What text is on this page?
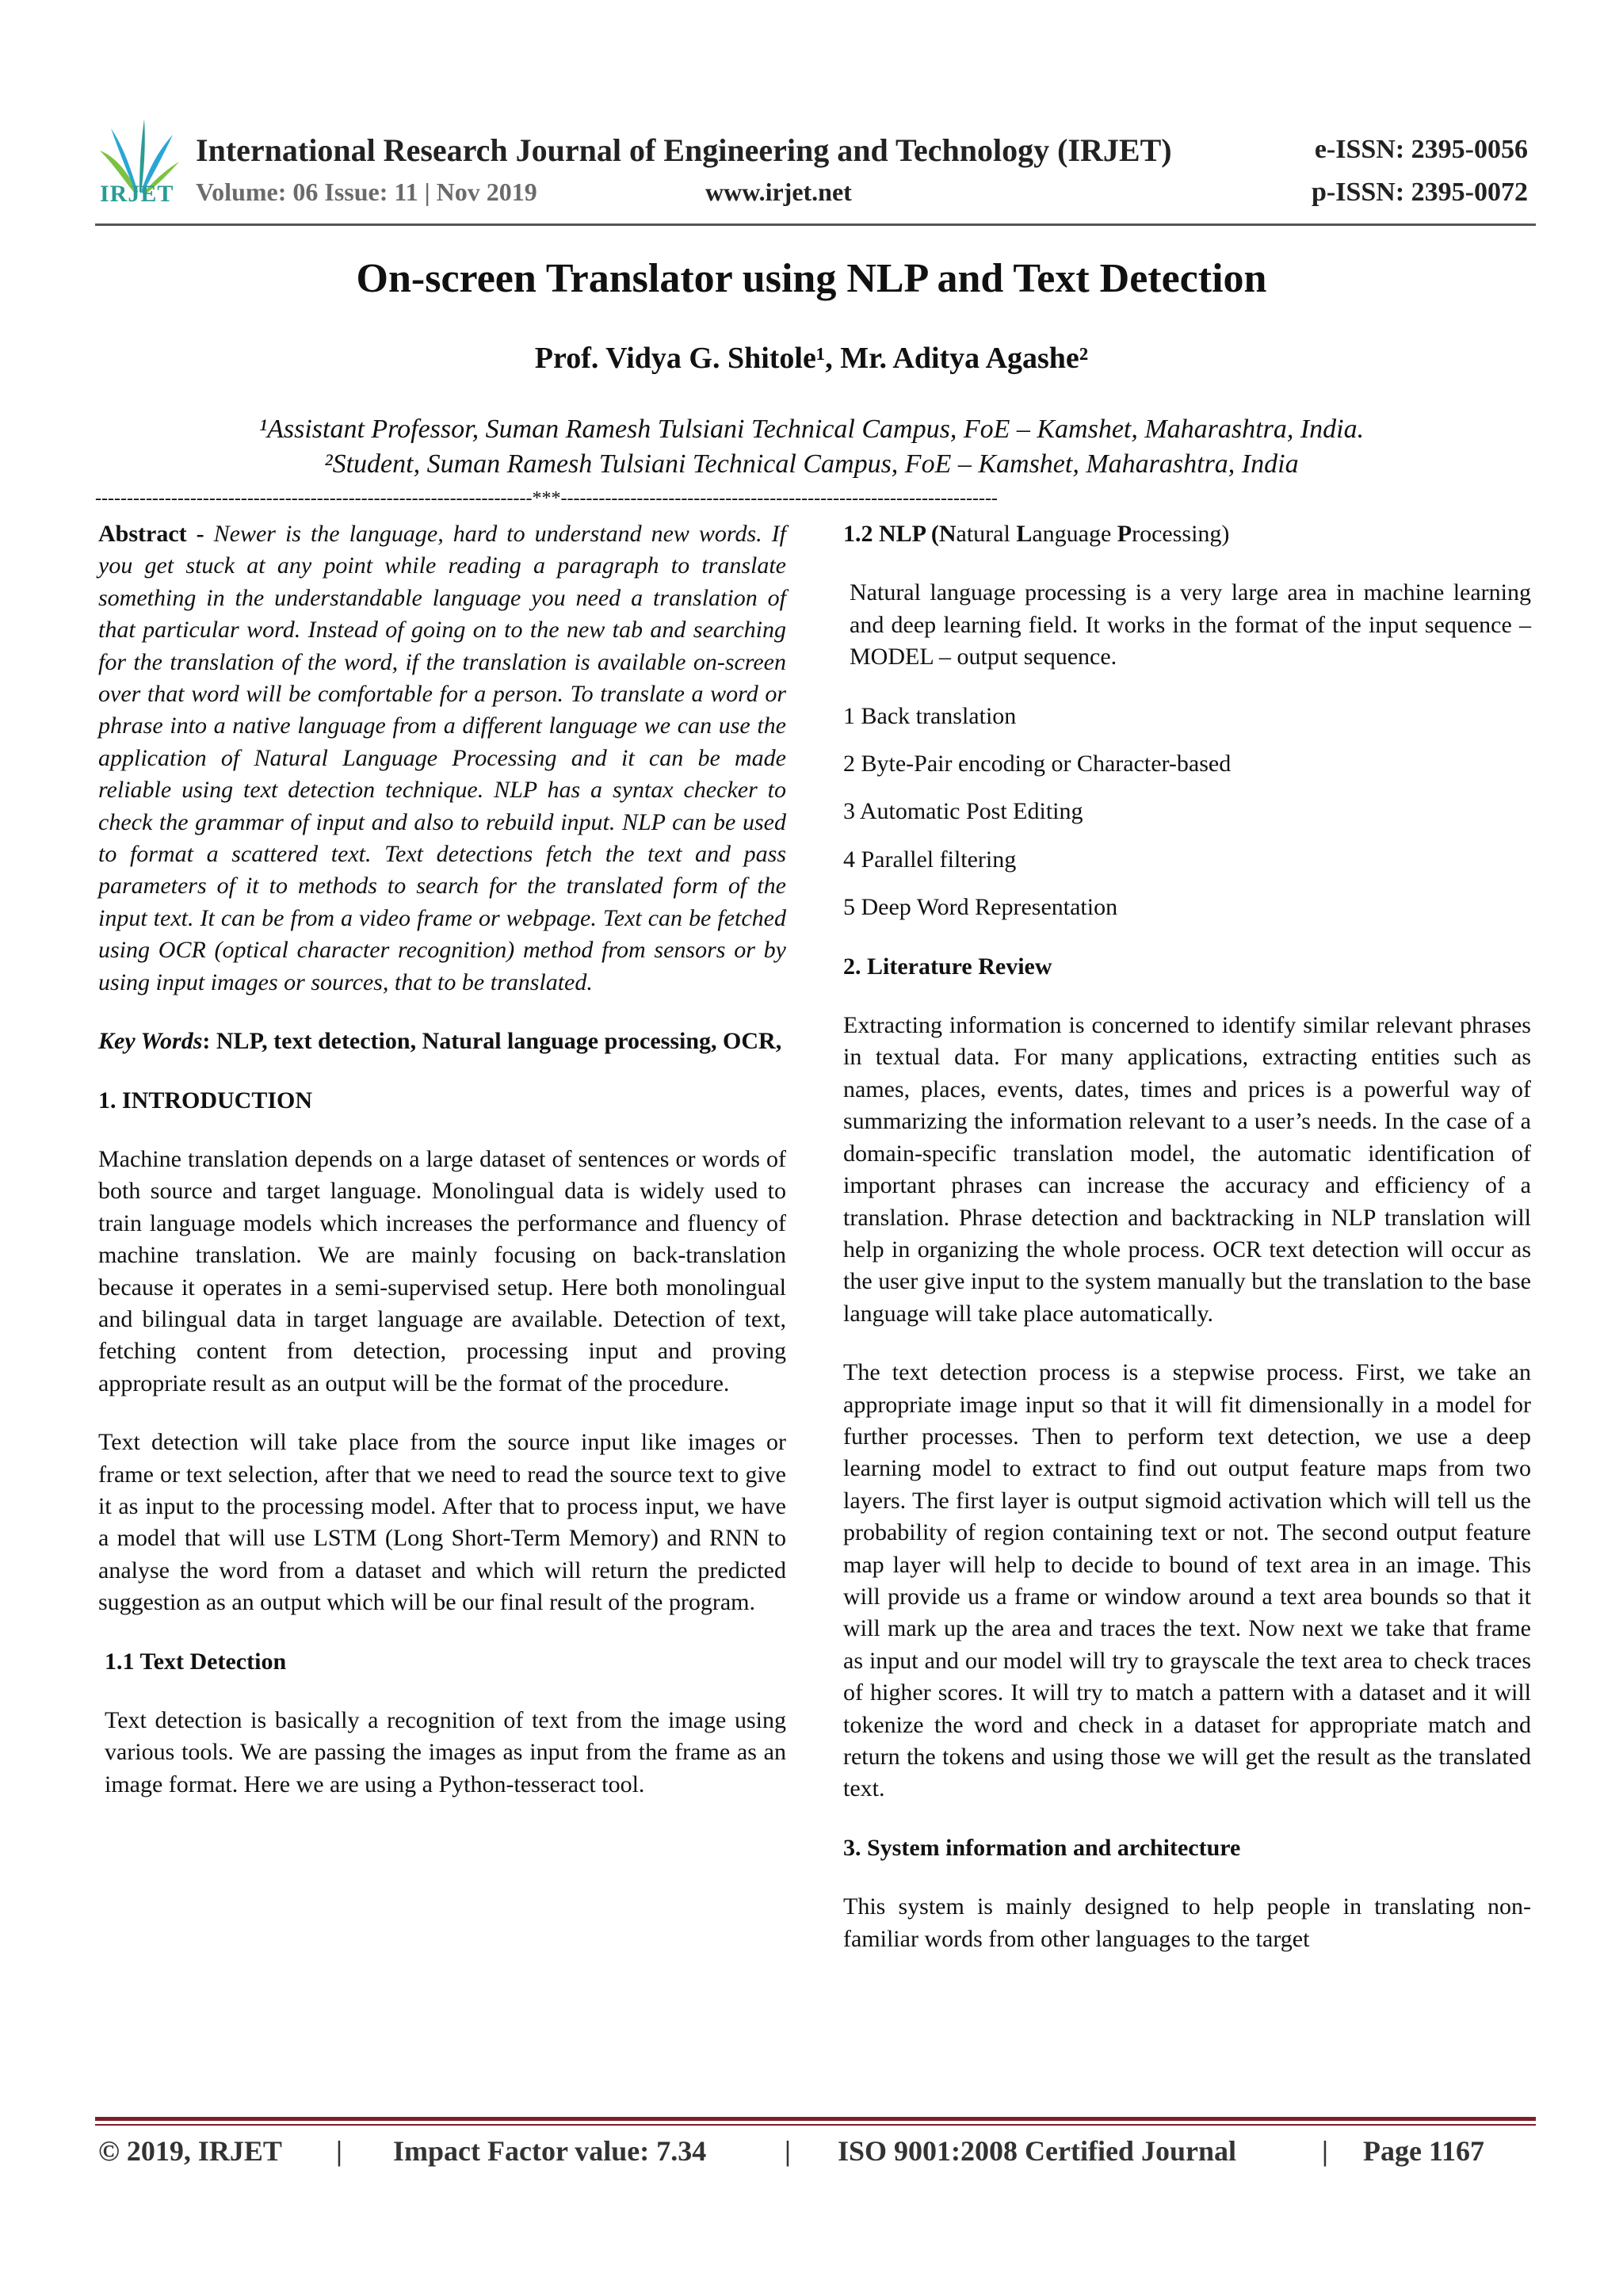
IRJET
International Research Journal of Engineering and Technology (IRJET)	e-ISSN: 2395-0056
Volume: 06 Issue: 11 | Nov 2019	www.irjet.net	p-ISSN: 2395-0072
On-screen Translator using NLP and Text Detection
Prof. Vidya G. Shitole¹, Mr. Aditya Agashe²
¹Assistant Professor, Suman Ramesh Tulsiani Technical Campus, FoE – Kamshet, Maharashtra, India.
²Student, Suman Ramesh Tulsiani Technical Campus, FoE – Kamshet, Maharashtra, India
---------------------------------------------------------------------***---------------------------------------------------------------------

Abstract - Newer is the language, hard to understand new words. If you get stuck at any point while reading a paragraph to translate something in the understandable language you need a translation of that particular word. Instead of going on to the new tab and searching for the translation of the word, if the translation is available on-screen over that word will be comfortable for a person. To translate a word or phrase into a native language from a different language we can use the application of Natural Language Processing and it can be made reliable using text detection technique. NLP has a syntax checker to check the grammar of input and also to rebuild input. NLP can be used to format a scattered text. Text detections fetch the text and pass parameters of it to methods to search for the translated form of the input text. It can be from a video frame or webpage. Text can be fetched using OCR (optical character recognition) method from sensors or by using input images or sources, that to be translated.

Key Words: NLP, text detection, Natural language processing, OCR,

1. INTRODUCTION

Machine translation depends on a large dataset of sentences or words of both source and target language. Monolingual data is widely used to train language models which increases the performance and fluency of machine translation. We are mainly focusing on back-translation because it operates in a semi-supervised setup. Here both monolingual and bilingual data in target language are available. Detection of text, fetching content from detection, processing input and proving appropriate result as an output will be the format of the procedure.

Text detection will take place from the source input like images or frame or text selection, after that we need to read the source text to give it as input to the processing model. After that to process input, we have a model that will use LSTM (Long Short-Term Memory) and RNN to analyse the word from a dataset and which will return the predicted suggestion as an output which will be our final result of the program.

1.1 Text Detection

Text detection is basically a recognition of text from the image using various tools. We are passing the images as input from the frame as an image format. Here we are using a Python-tesseract tool.

1.2 NLP (Natural Language Processing)

Natural language processing is a very large area in machine learning and deep learning field. It works in the format of the input sequence – MODEL – output sequence.

1 Back translation

2 Byte-Pair encoding or Character-based

3 Automatic Post Editing

4 Parallel filtering

5 Deep Word Representation

2. Literature Review

Extracting information is concerned to identify similar relevant phrases in textual data. For many applications, extracting entities such as names, places, events, dates, times and prices is a powerful way of summarizing the information relevant to a user’s needs. In the case of a domain-specific translation model, the automatic identification of important phrases can increase the accuracy and efficiency of a translation. Phrase detection and backtracking in NLP translation will help in organizing the whole process. OCR text detection will occur as the user give input to the system manually but the translation to the base language will take place automatically.

The text detection process is a stepwise process. First, we take an appropriate image input so that it will fit dimensionally in a model for further processes. Then to perform text detection, we use a deep learning model to extract to find out output feature maps from two layers. The first layer is output sigmoid activation which will tell us the probability of region containing text or not. The second output feature map layer will help to decide to bound of text area in an image. This will provide us a frame or window around a text area bounds so that it will mark up the area and traces the text. Now next we take that frame as input and our model will try to grayscale the text area to check traces of higher scores. It will try to match a pattern with a dataset and it will tokenize the word and check in a dataset for appropriate match and return the tokens and using those we will get the result as the translated text.

3. System information and architecture

This system is mainly designed to help people in translating non-familiar words from other languages to the target

© 2019, IRJET | Impact Factor value: 7.34	| ISO 9001:2008 Certified Journal	| Page 1167
